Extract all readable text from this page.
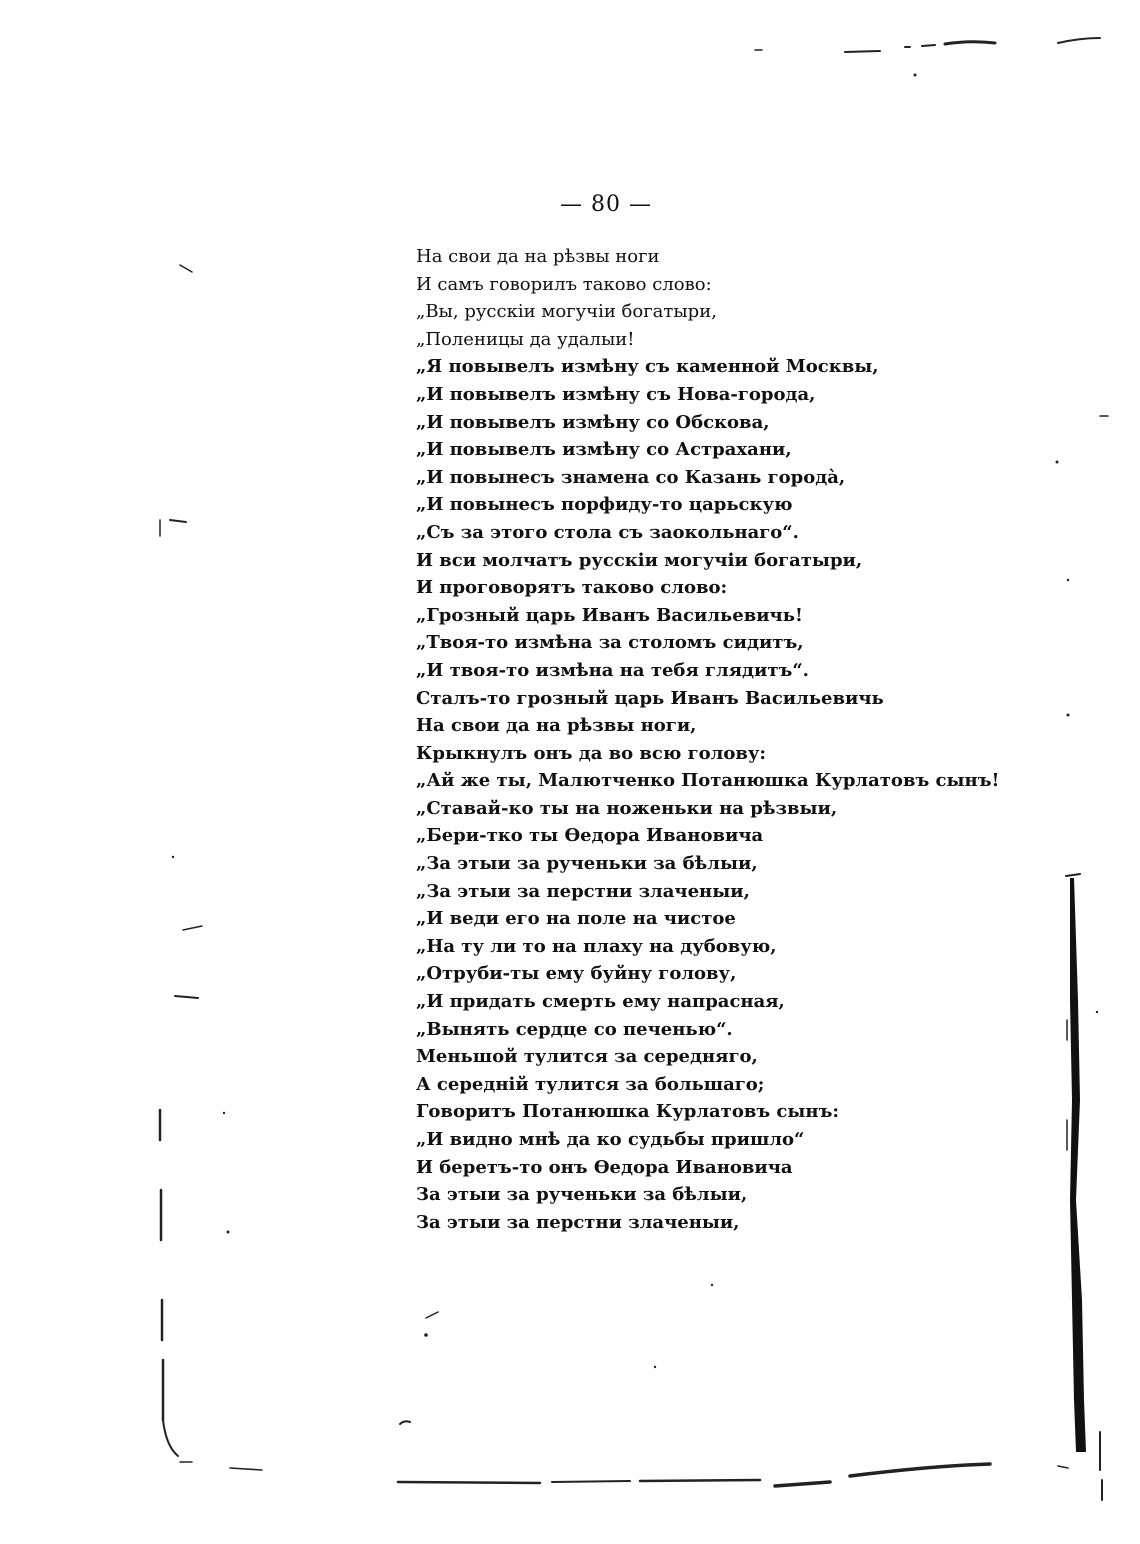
— 80 —
На свои да на рѣзвы ноги
И самъ говорилъ таково слово:
„Вы, русскіи могучіи богатыри,
„Поленицы да удалыи!
„Я повывелъ измѣну съ каменной Москвы,
„И повывелъ измѣну съ Нова-города,
„И повывелъ измѣну со Обскова,
„И повывелъ измѣну со Астрахани,
„И повынесъ знамена со Казань городà,
„И повынесъ порфиду-то царьскую
„Съ за этого стола съ заокольнаго“.
И вси молчатъ русскіи могучіи богатыри,
И проговорятъ таково слово:
„Грозный царь Иванъ Васильевичь!
„Твоя-то измѣна за столомъ сидитъ,
„И твоя-то измѣна на тебя глядитъ“.
Сталъ-то грозный царь Иванъ Васильевичь
На свои да на рѣзвы ноги,
Крыкнулъ онъ да во всю голову:
„Ай же ты, Малютченко Потанюшка Курлатовъ сынъ!
„Ставай-ко ты на ноженьки на рѣзвыи,
„Бери-тко ты Ѳедора Ивановича
„За этыи за рученьки за бѣлыи,
„За этыи за перстни злаченыи,
„И веди его на поле на чистое
„На ту ли то на плаху на дубовую,
„Отруби-ты ему буйну голову,
„И придать смерть ему напрасная,
„Вынять сердце со печенью“.
Меньшой тулится за середняго,
А середній тулится за большаго;
Говоритъ Потанюшка Курлатовъ сынъ:
„И видно мнѣ да ко судьбы пришло“
И беретъ-то онъ Ѳедора Ивановича
За этыи за рученьки за бѣлыи,
За этыи за перстни злаченыи,
